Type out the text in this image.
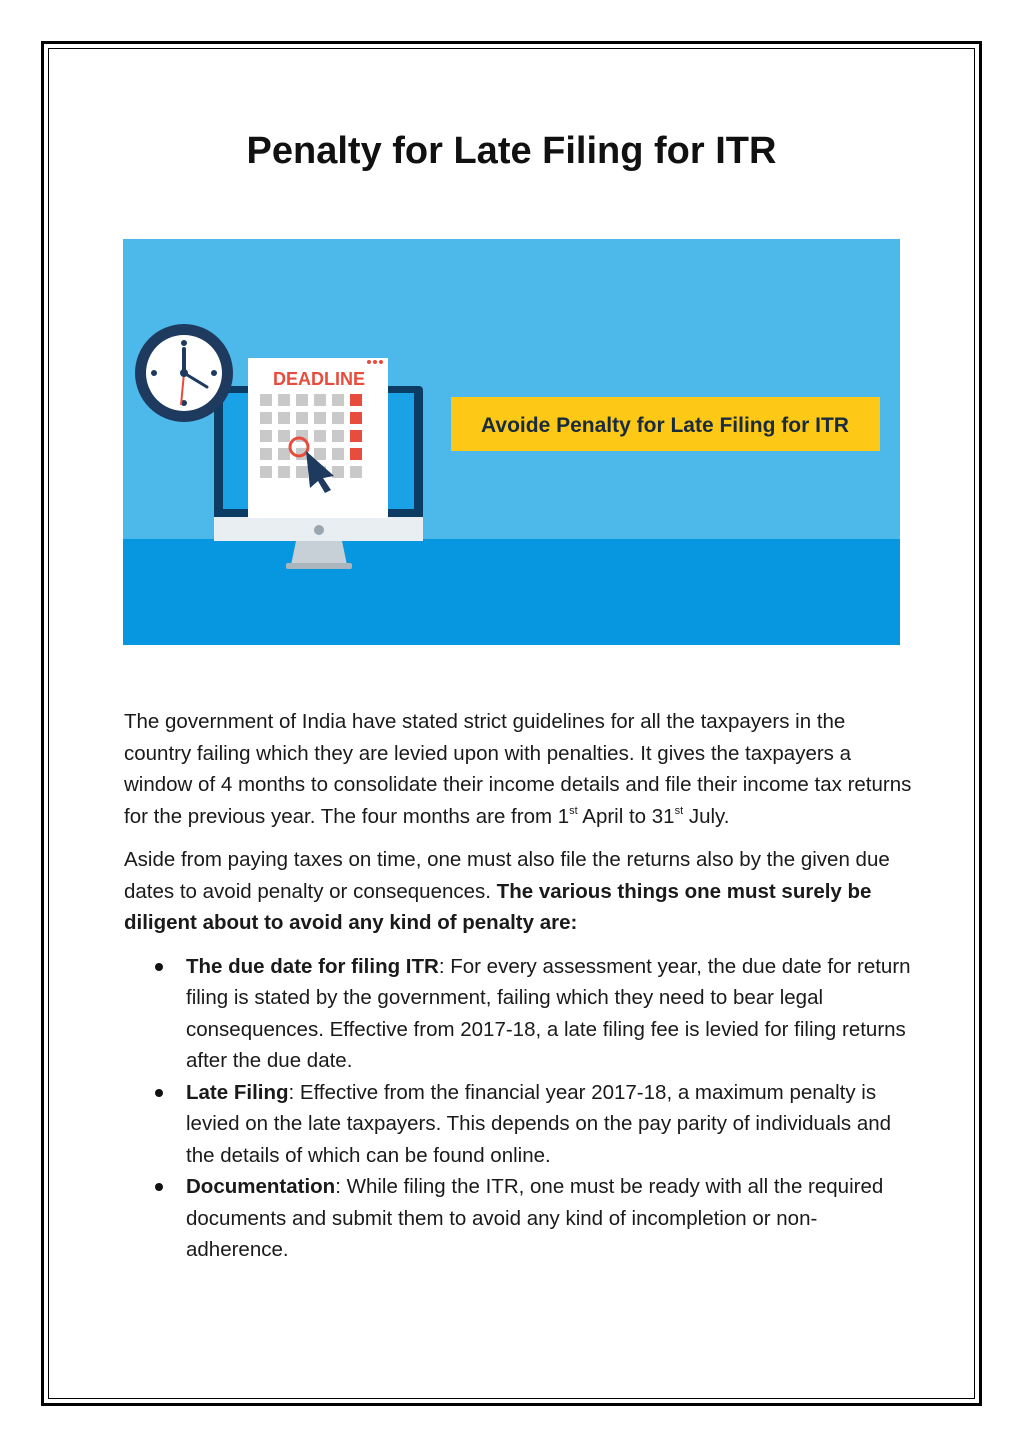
Penalty for Late Filing for ITR
DEADLINE
Avoide Penalty for Late Filing for ITR

The government of India have stated strict guidelines for all the taxpayers in the country failing which they are levied upon with penalties. It gives the taxpayers a window of 4 months to consolidate their income details and file their income tax returns for the previous year. The four months are from 1st April to 31st July.

Aside from paying taxes on time, one must also file the returns also by the given due dates to avoid penalty or consequences. The various things one must surely be diligent about to avoid any kind of penalty are:

The due date for filing ITR: For every assessment year, the due date for return filing is stated by the government, failing which they need to bear legal consequences. Effective from 2017-18, a late filing fee is levied for filing returns after the due date.
Late Filing: Effective from the financial year 2017-18, a maximum penalty is levied on the late taxpayers. This depends on the pay parity of individuals and the details of which can be found online.
Documentation: While filing the ITR, one must be ready with all the required documents and submit them to avoid any kind of incompletion or non-adherence.
